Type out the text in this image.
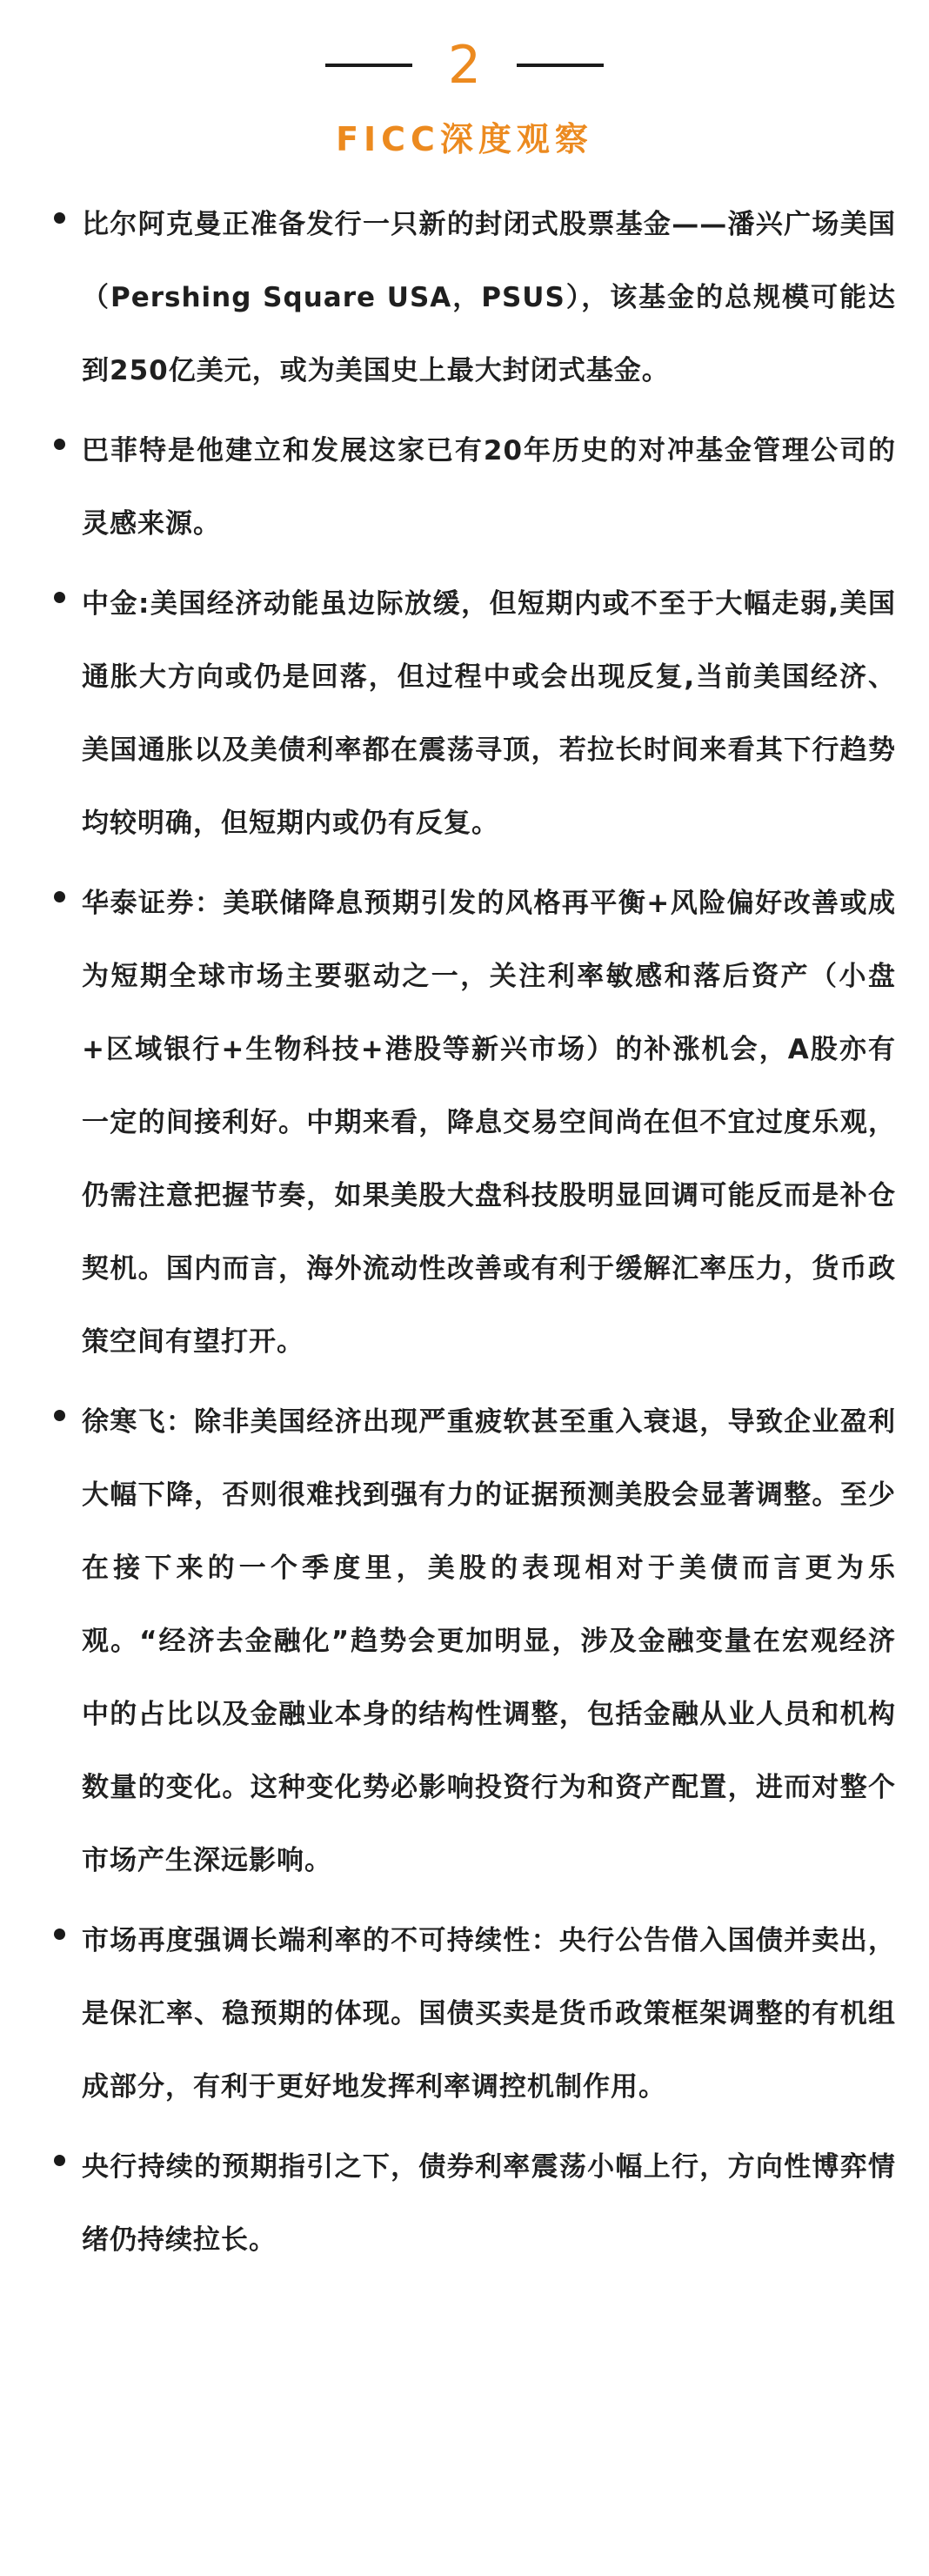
2
FICC深度观察
比尔阿克曼正准备发行一只新的封闭式股票基金——潘兴广场美国（Pershing Square USA，PSUS），该基金的总规模可能达到250亿美元，或为美国史上最大封闭式基金。
巴菲特是他建立和发展这家已有20年历史的对冲基金管理公司的灵感来源。
中金:美国经济动能虽边际放缓，但短期内或不至于大幅走弱,美国通胀大方向或仍是回落，但过程中或会出现反复,当前美国经济、美国通胀以及美债利率都在震荡寻顶，若拉长时间来看其下行趋势均较明确，但短期内或仍有反复。
华泰证券：美联储降息预期引发的风格再平衡+风险偏好改善或成为短期全球市场主要驱动之一，关注利率敏感和落后资产（小盘+区域银行+生物科技+港股等新兴市场）的补涨机会，A股亦有一定的间接利好。中期来看，降息交易空间尚在但不宜过度乐观，仍需注意把握节奏，如果美股大盘科技股明显回调可能反而是补仓契机。国内而言，海外流动性改善或有利于缓解汇率压力，货币政策空间有望打开。
徐寒飞：除非美国经济出现严重疲软甚至重入衰退，导致企业盈利大幅下降，否则很难找到强有力的证据预测美股会显著调整。至少在接下来的一个季度里，美股的表现相对于美债而言更为乐观。“经济去金融化”趋势会更加明显，涉及金融变量在宏观经济中的占比以及金融业本身的结构性调整，包括金融从业人员和机构数量的变化。这种变化势必影响投资行为和资产配置，进而对整个市场产生深远影响。
市场再度强调长端利率的不可持续性：央行公告借入国债并卖出，是保汇率、稳预期的体现。国债买卖是货币政策框架调整的有机组成部分，有利于更好地发挥利率调控机制作用。
央行持续的预期指引之下，债券利率震荡小幅上行，方向性博弈情绪仍持续拉长。
